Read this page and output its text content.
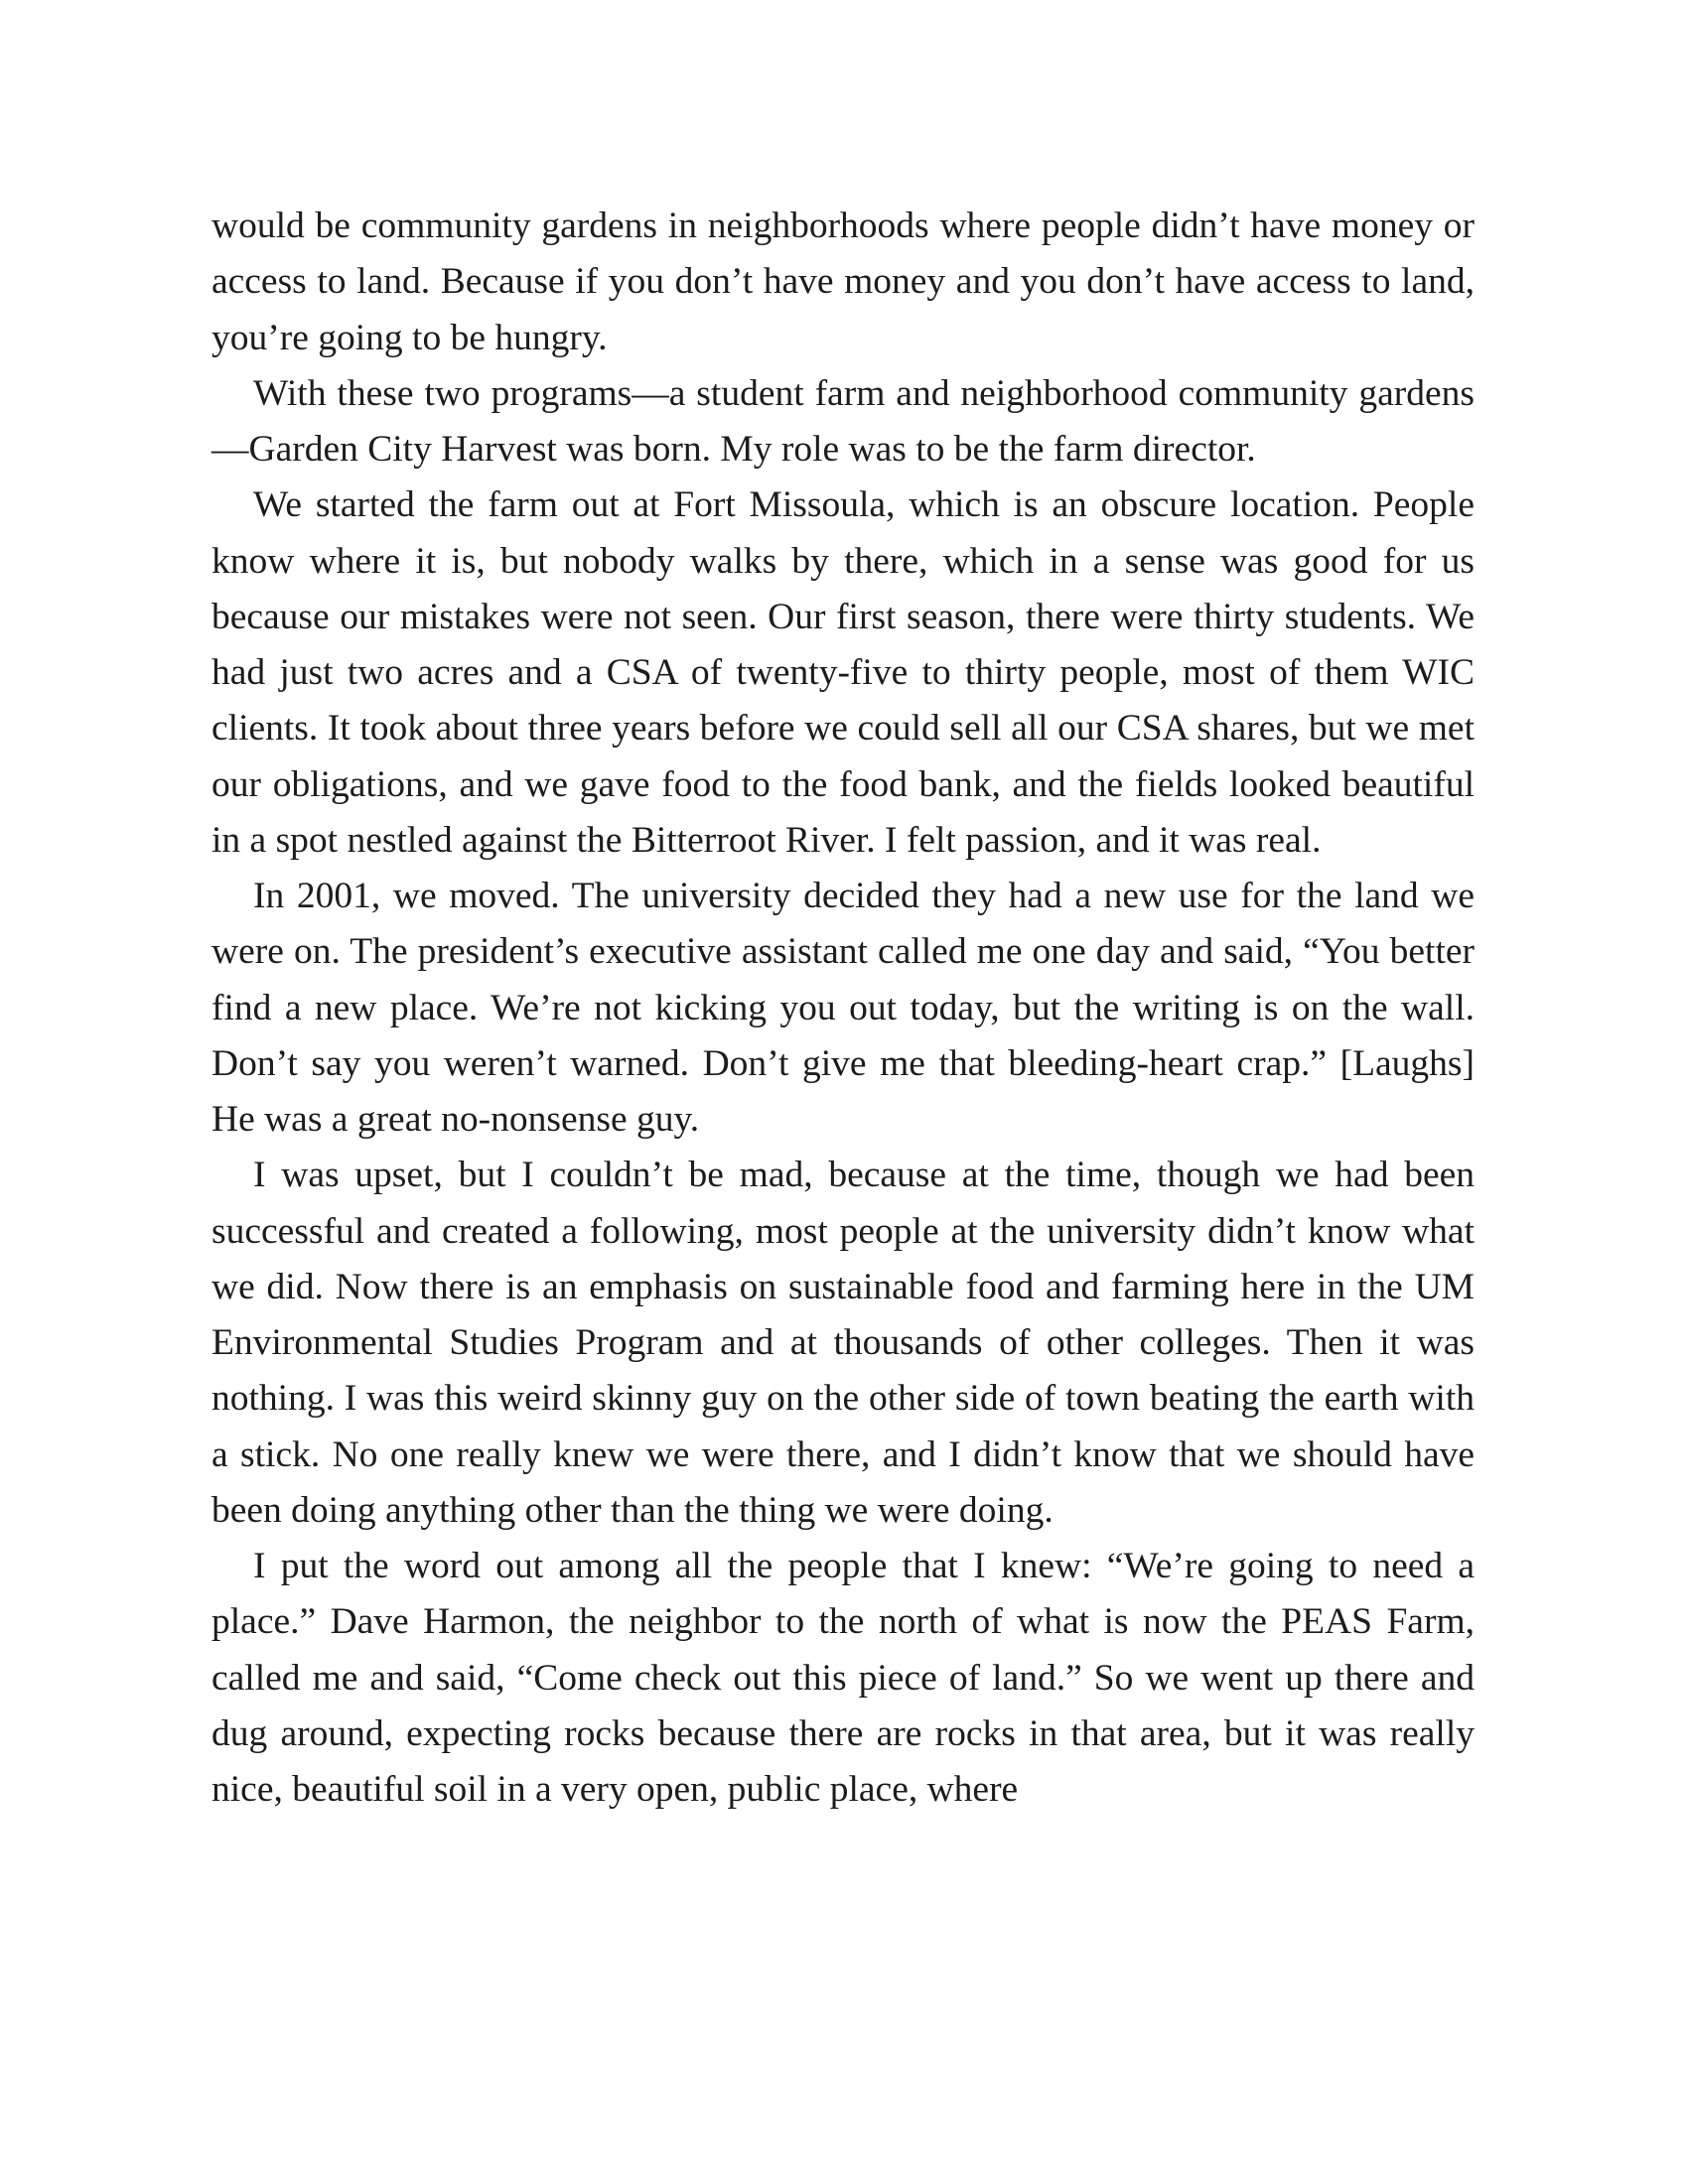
would be community gardens in neighborhoods where people didn’t have money or access to land. Because if you don’t have money and you don’t have access to land, you’re going to be hungry.

With these two programs—a student farm and neighborhood community gardens—Garden City Harvest was born. My role was to be the farm director.

We started the farm out at Fort Missoula, which is an obscure location. People know where it is, but nobody walks by there, which in a sense was good for us because our mistakes were not seen. Our first season, there were thirty students. We had just two acres and a CSA of twenty-five to thirty people, most of them WIC clients. It took about three years before we could sell all our CSA shares, but we met our obligations, and we gave food to the food bank, and the fields looked beautiful in a spot nestled against the Bitterroot River. I felt passion, and it was real.

In 2001, we moved. The university decided they had a new use for the land we were on. The president’s executive assistant called me one day and said, “You better find a new place. We’re not kicking you out today, but the writing is on the wall. Don’t say you weren’t warned. Don’t give me that bleeding-heart crap.” [Laughs] He was a great no-nonsense guy.

I was upset, but I couldn’t be mad, because at the time, though we had been successful and created a following, most people at the university didn’t know what we did. Now there is an emphasis on sustainable food and farming here in the UM Environmental Studies Program and at thousands of other colleges. Then it was nothing. I was this weird skinny guy on the other side of town beating the earth with a stick. No one really knew we were there, and I didn’t know that we should have been doing anything other than the thing we were doing.

I put the word out among all the people that I knew: “We’re going to need a place.” Dave Harmon, the neighbor to the north of what is now the PEAS Farm, called me and said, “Come check out this piece of land.” So we went up there and dug around, expecting rocks because there are rocks in that area, but it was really nice, beautiful soil in a very open, public place, where
